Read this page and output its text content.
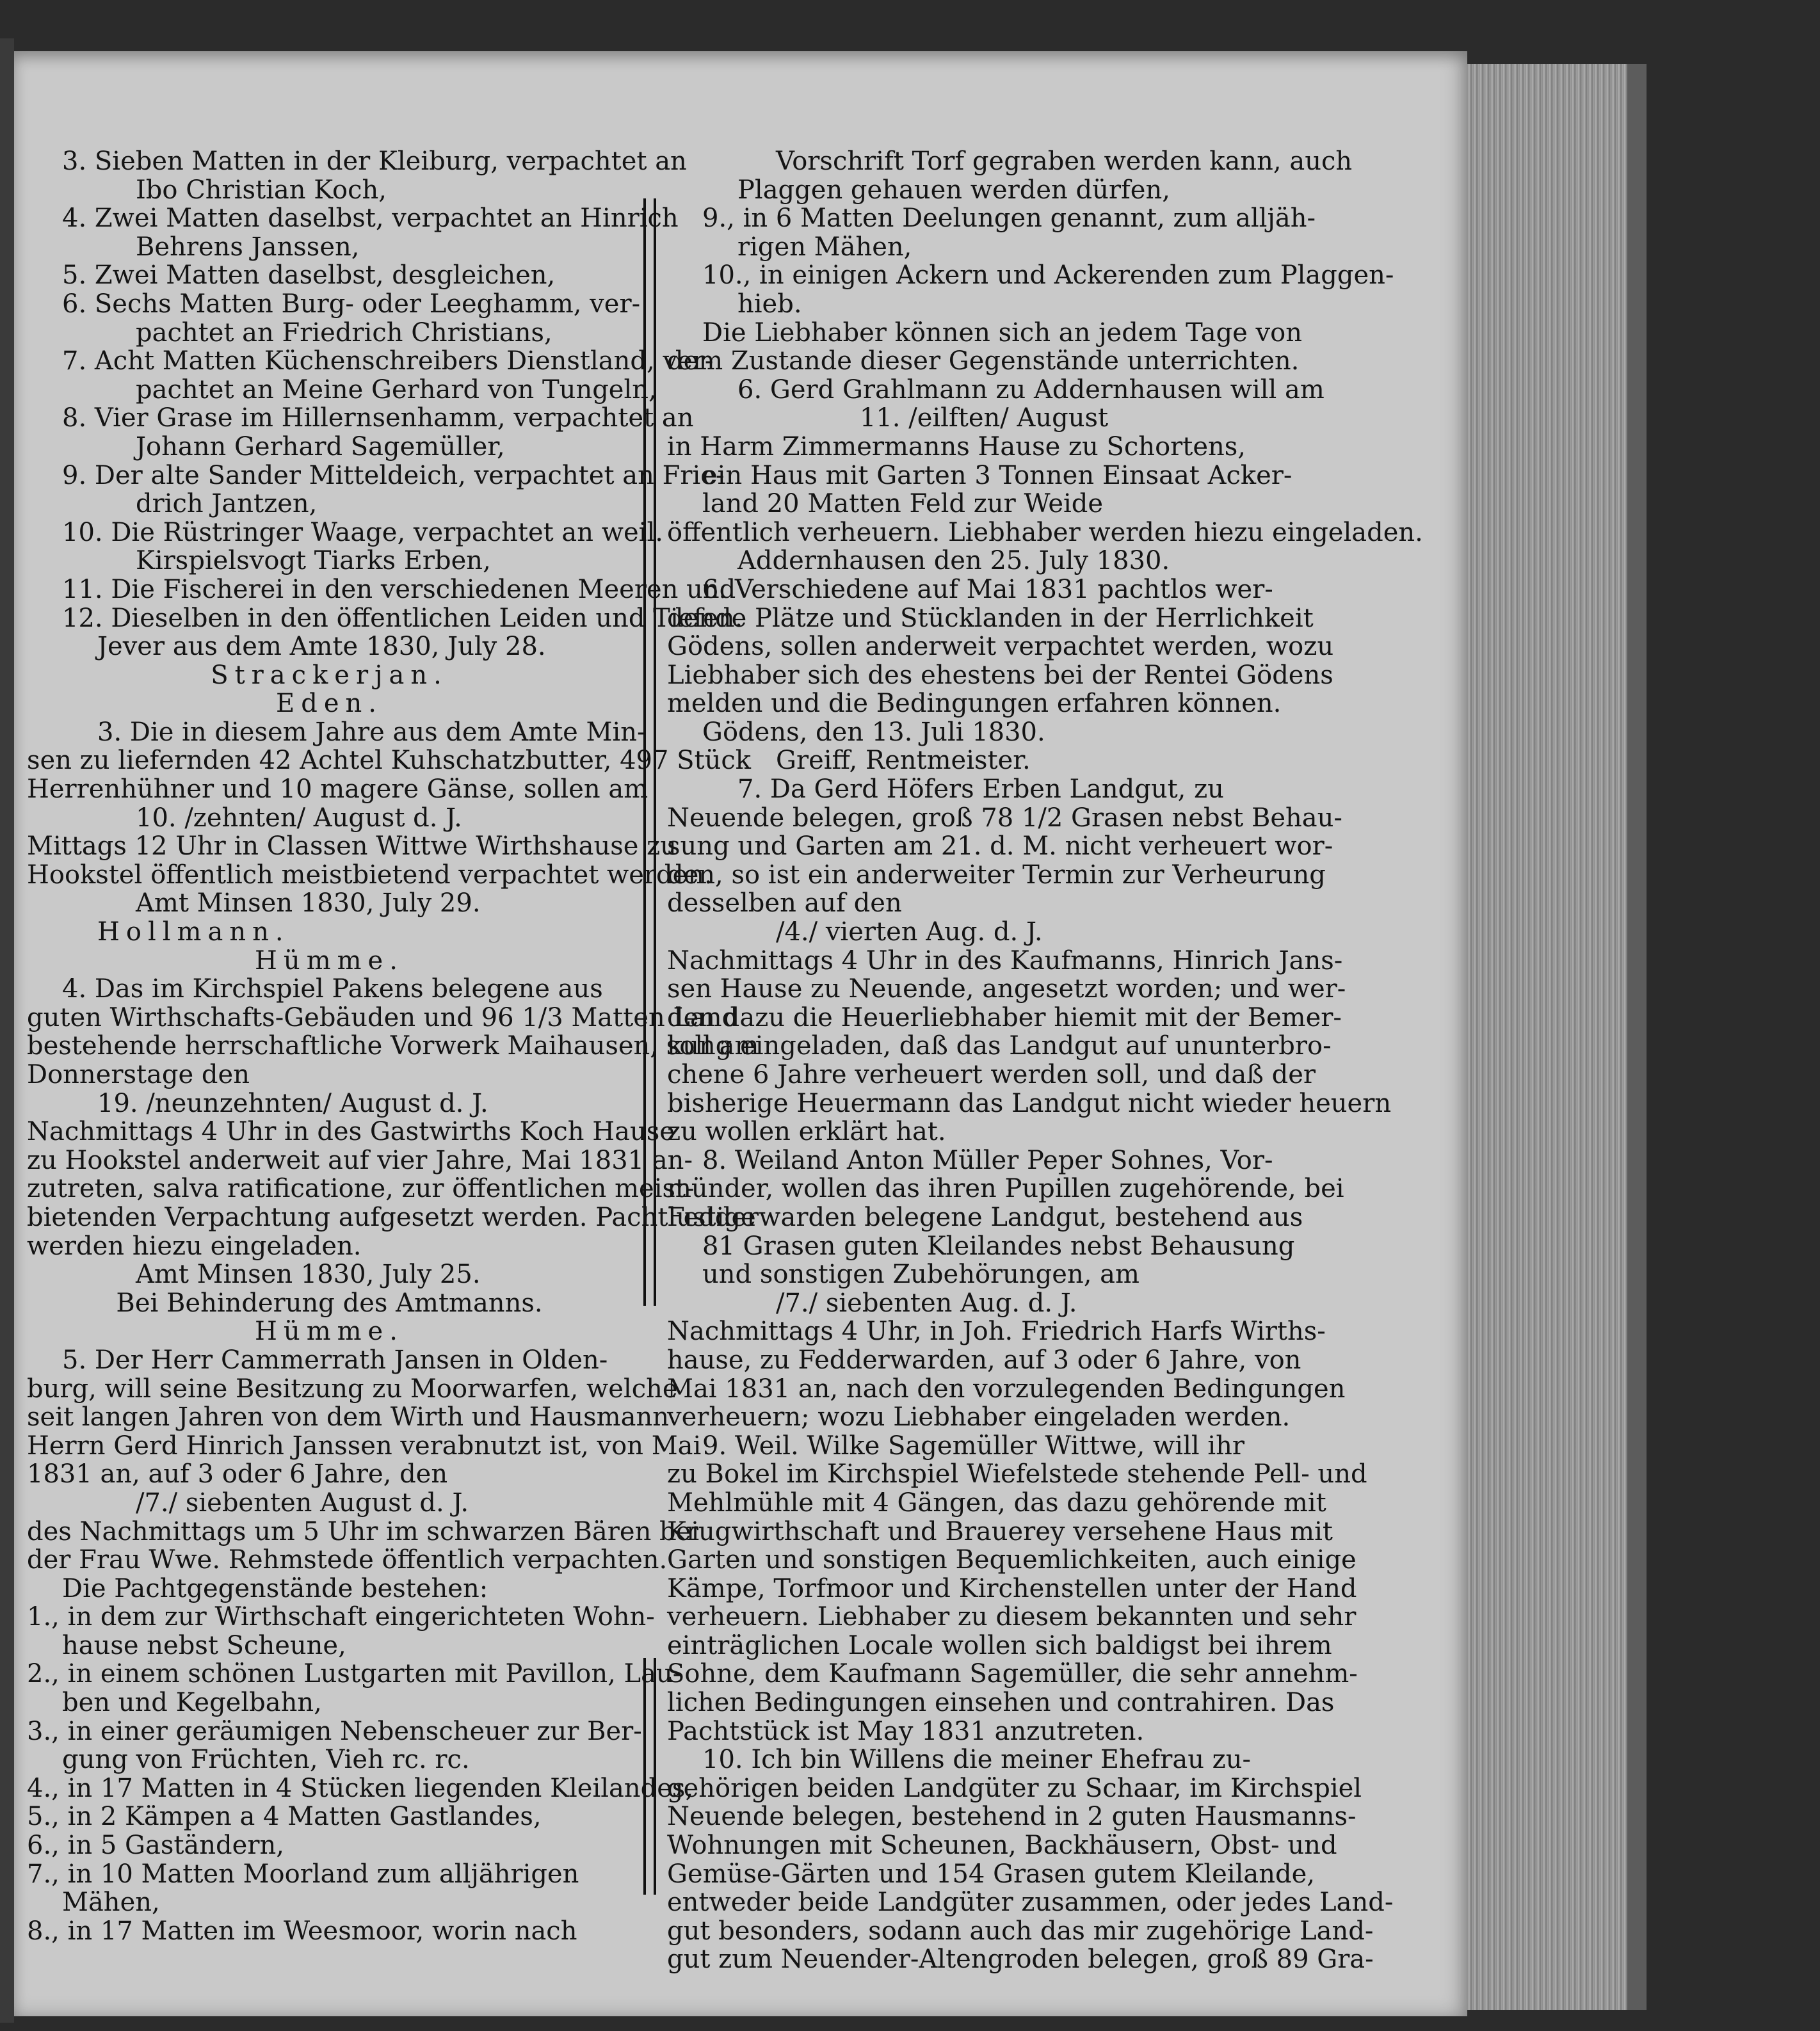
3. Sieben Matten in der Kleiburg, verpachtet an
Ibo Christian Koch,
4. Zwei Matten daselbst, verpachtet an Hinrich
Behrens Janssen,
5. Zwei Matten daselbst, desgleichen,
6. Sechs Matten Burg- oder Leeghamm, ver-
pachtet an Friedrich Christians,
7. Acht Matten Küchenschreibers Dienstland, ver-
pachtet an Meine Gerhard von Tungeln,
8. Vier Grase im Hillernsenhamm, verpachtet an
Johann Gerhard Sagemüller,
9. Der alte Sander Mitteldeich, verpachtet an Frie-
drich Jantzen,
10. Die Rüstringer Waage, verpachtet an weil.
Kirspielsvogt Tiarks Erben,
11. Die Fischerei in den verschiedenen Meeren und
12. Dieselben in den öffentlichen Leiden und Tiefen.
Jever aus dem Amte 1830, July 28.
Strackerjan.
Eden.
3. Die in diesem Jahre aus dem Amte Min-
sen zu liefernden 42 Achtel Kuhschatzbutter, 497 Stück
Herrenhühner und 10 magere Gänse, sollen am
10. /zehnten/ August d. J.
Mittags 12 Uhr in Classen Wittwe Wirthshause zu
Hookstel öffentlich meistbietend verpachtet werden.
Amt Minsen 1830, July 29.
Hollmann.
Hümme.
4. Das im Kirchspiel Pakens belegene aus
guten Wirthschafts-Gebäuden und 96 1/3 Matten Land
bestehende herrschaftliche Vorwerk Maihausen, soll am
Donnerstage den
19. /neunzehnten/ August d. J.
Nachmittags 4 Uhr in des Gastwirths Koch Hause
zu Hookstel anderweit auf vier Jahre, Mai 1831 an-
zutreten, salva ratificatione, zur öffentlichen meist-
bietenden Verpachtung aufgesetzt werden. Pachtlustige
werden hiezu eingeladen.
Amt Minsen 1830, July 25.
Bei Behinderung des Amtmanns.
Hümme.
5. Der Herr Cammerrath Jansen in Olden-
burg, will seine Besitzung zu Moorwarfen, welche
seit langen Jahren von dem Wirth und Hausmann
Herrn Gerd Hinrich Janssen verabnutzt ist, von Mai
1831 an, auf 3 oder 6 Jahre, den
/7./ siebenten August d. J.
des Nachmittags um 5 Uhr im schwarzen Bären bei
der Frau Wwe. Rehmstede öffentlich verpachten.
Die Pachtgegenstände bestehen:
1., in dem zur Wirthschaft eingerichteten Wohn-
hause nebst Scheune,
2., in einem schönen Lustgarten mit Pavillon, Lau-
ben und Kegelbahn,
3., in einer geräumigen Nebenscheuer zur Ber-
gung von Früchten, Vieh rc. rc.
4., in 17 Matten in 4 Stücken liegenden Kleilandes,
5., in 2 Kämpen a 4 Matten Gastlandes,
6., in 5 Gaständern,
7., in 10 Matten Moorland zum alljährigen
Mähen,
8., in 17 Matten im Weesmoor, worin nach
Vorschrift Torf gegraben werden kann, auch
Plaggen gehauen werden dürfen,
9., in 6 Matten Deelungen genannt, zum alljäh-
rigen Mähen,
10., in einigen Ackern und Ackerenden zum Plaggen-
hieb.
Die Liebhaber können sich an jedem Tage von
dem Zustande dieser Gegenstände unterrichten.
6. Gerd Grahlmann zu Addernhausen will am
11. /eilften/ August
in Harm Zimmermanns Hause zu Schortens,
ein Haus mit Garten 3 Tonnen Einsaat Acker-
land 20 Matten Feld zur Weide
öffentlich verheuern. Liebhaber werden hiezu eingeladen.
Addernhausen den 25. July 1830.
6. Verschiedene auf Mai 1831 pachtlos wer-
dende Plätze und Stücklanden in der Herrlichkeit
Gödens, sollen anderweit verpachtet werden, wozu
Liebhaber sich des ehestens bei der Rentei Gödens
melden und die Bedingungen erfahren können.
Gödens, den 13. Juli 1830.
Greiff, Rentmeister.
7. Da Gerd Höfers Erben Landgut, zu
Neuende belegen, groß 78 1/2 Grasen nebst Behau-
sung und Garten am 21. d. M. nicht verheuert wor-
den, so ist ein anderweiter Termin zur Verheurung
desselben auf den
/4./ vierten Aug. d. J.
Nachmittags 4 Uhr in des Kaufmanns, Hinrich Jans-
sen Hause zu Neuende, angesetzt worden; und wer-
den dazu die Heuerliebhaber hiemit mit der Bemer-
kung eingeladen, daß das Landgut auf ununterbro-
chene 6 Jahre verheuert werden soll, und daß der
bisherige Heuermann das Landgut nicht wieder heuern
zu wollen erklärt hat.
8. Weiland Anton Müller Peper Sohnes, Vor-
münder, wollen das ihren Pupillen zugehörende, bei
Fedderwarden belegene Landgut, bestehend aus
81 Grasen guten Kleilandes nebst Behausung
und sonstigen Zubehörungen, am
/7./ siebenten Aug. d. J.
Nachmittags 4 Uhr, in Joh. Friedrich Harfs Wirths-
hause, zu Fedderwarden, auf 3 oder 6 Jahre, von
Mai 1831 an, nach den vorzulegenden Bedingungen
verheuern; wozu Liebhaber eingeladen werden.
9. Weil. Wilke Sagemüller Wittwe, will ihr
zu Bokel im Kirchspiel Wiefelstede stehende Pell- und
Mehlmühle mit 4 Gängen, das dazu gehörende mit
Krugwirthschaft und Brauerey versehene Haus mit
Garten und sonstigen Bequemlichkeiten, auch einige
Kämpe, Torfmoor und Kirchenstellen unter der Hand
verheuern. Liebhaber zu diesem bekannten und sehr
einträglichen Locale wollen sich baldigst bei ihrem
Sohne, dem Kaufmann Sagemüller, die sehr annehm-
lichen Bedingungen einsehen und contrahiren. Das
Pachtstück ist May 1831 anzutreten.
10. Ich bin Willens die meiner Ehefrau zu-
gehörigen beiden Landgüter zu Schaar, im Kirchspiel
Neuende belegen, bestehend in 2 guten Hausmanns-
Wohnungen mit Scheunen, Backhäusern, Obst- und
Gemüse-Gärten und 154 Grasen gutem Kleilande,
entweder beide Landgüter zusammen, oder jedes Land-
gut besonders, sodann auch das mir zugehörige Land-
gut zum Neuender-Altengroden belegen, groß 89 Gra-
